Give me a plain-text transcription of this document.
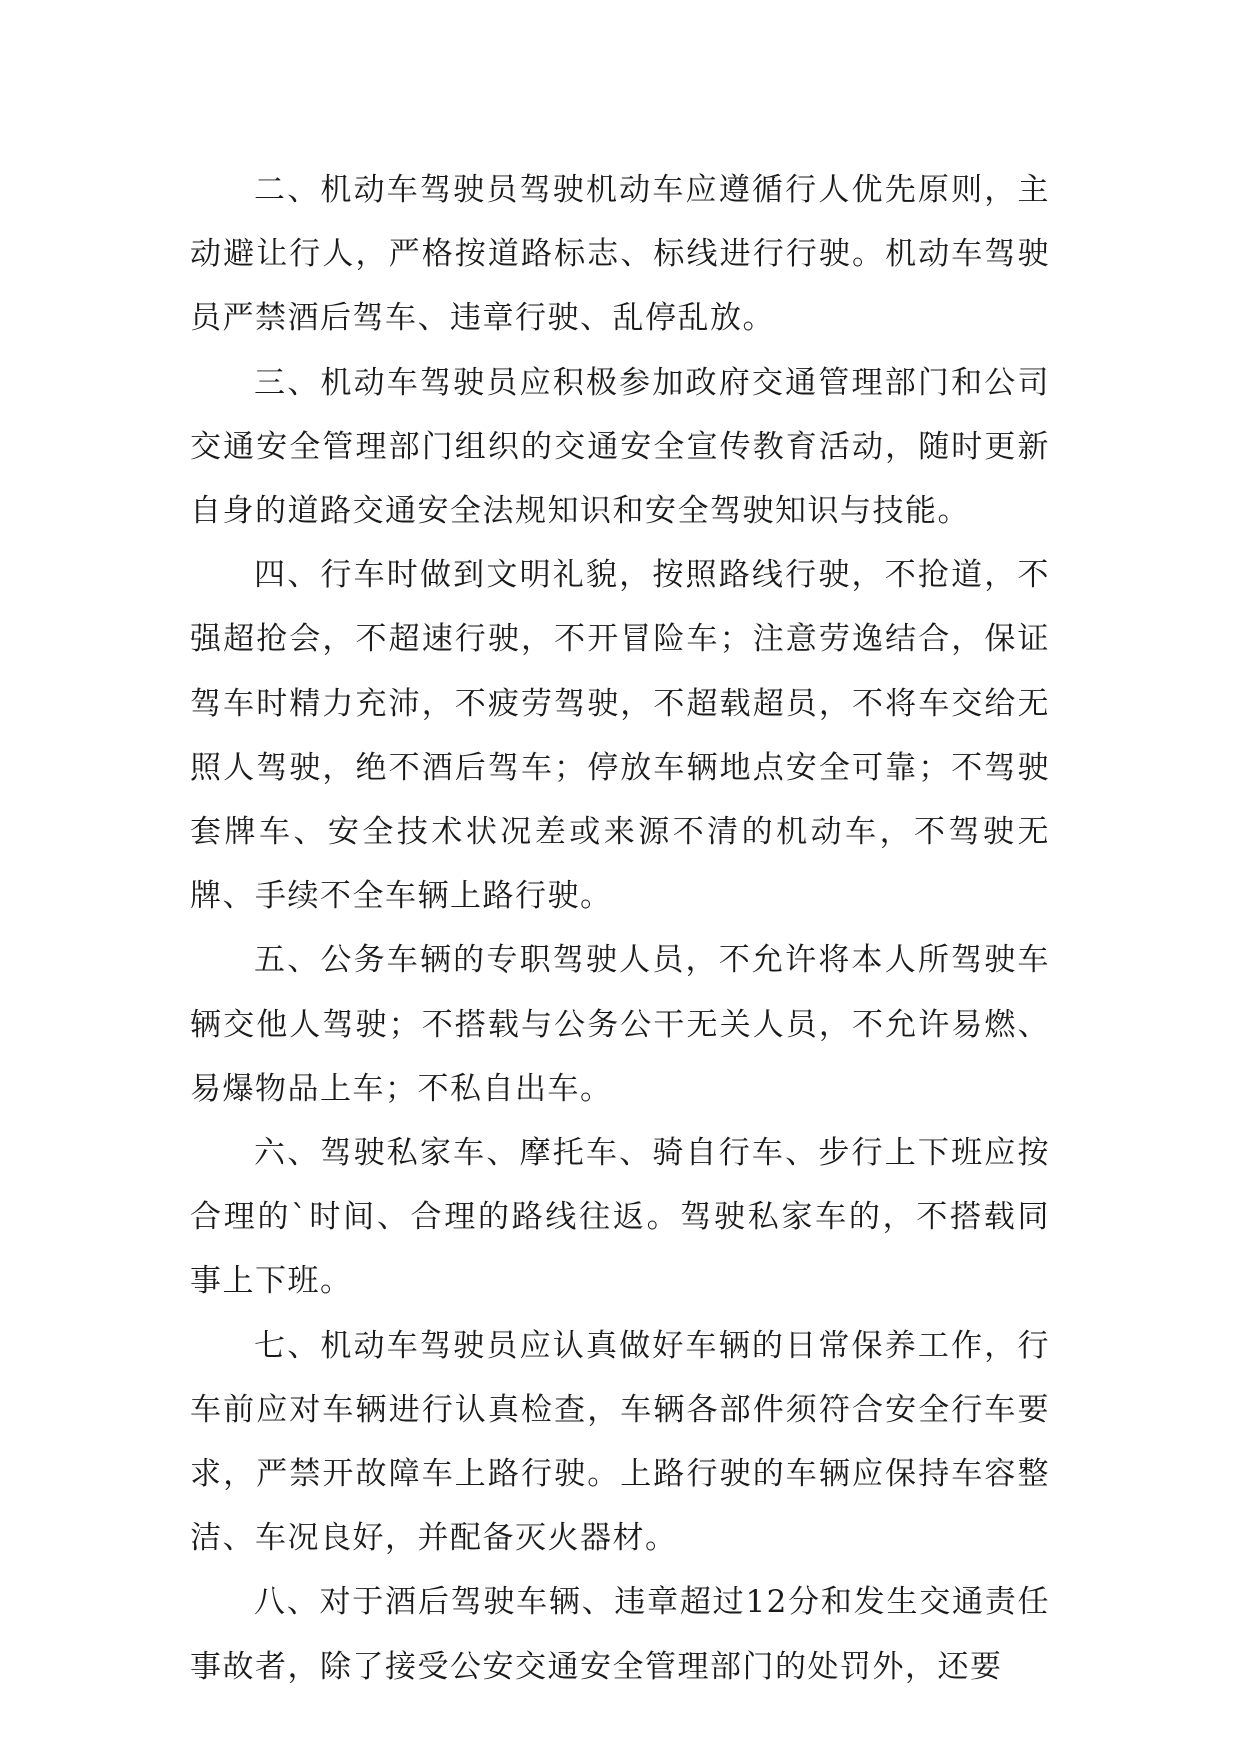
二、机动车驾驶员驾驶机动车应遵循行人优先原则，主动避让行人，严格按道路标志、标线进行行驶。机动车驾驶员严禁酒后驾车、违章行驶、乱停乱放。

三、机动车驾驶员应积极参加政府交通管理部门和公司交通安全管理部门组织的交通安全宣传教育活动，随时更新自身的道路交通安全法规知识和安全驾驶知识与技能。

四、行车时做到文明礼貌，按照路线行驶，不抢道，不强超抢会，不超速行驶，不开冒险车；注意劳逸结合，保证驾车时精力充沛，不疲劳驾驶，不超载超员，不将车交给无照人驾驶，绝不酒后驾车；停放车辆地点安全可靠；不驾驶套牌车、安全技术状况差或来源不清的机动车，不驾驶无牌、手续不全车辆上路行驶。

五、公务车辆的专职驾驶人员，不允许将本人所驾驶车辆交他人驾驶；不搭载与公务公干无关人员，不允许易燃、易爆物品上车；不私自出车。

六、驾驶私家车、摩托车、骑自行车、步行上下班应按合理的`时间、合理的路线往返。驾驶私家车的，不搭载同事上下班。

七、机动车驾驶员应认真做好车辆的日常保养工作，行车前应对车辆进行认真检查，车辆各部件须符合安全行车要求，严禁开故障车上路行驶。上路行驶的车辆应保持车容整洁、车况良好，并配备灭火器材。

八、对于酒后驾驶车辆、违章超过12分和发生交通责任事故者，除了接受公安交通安全管理部门的处罚外，还要
